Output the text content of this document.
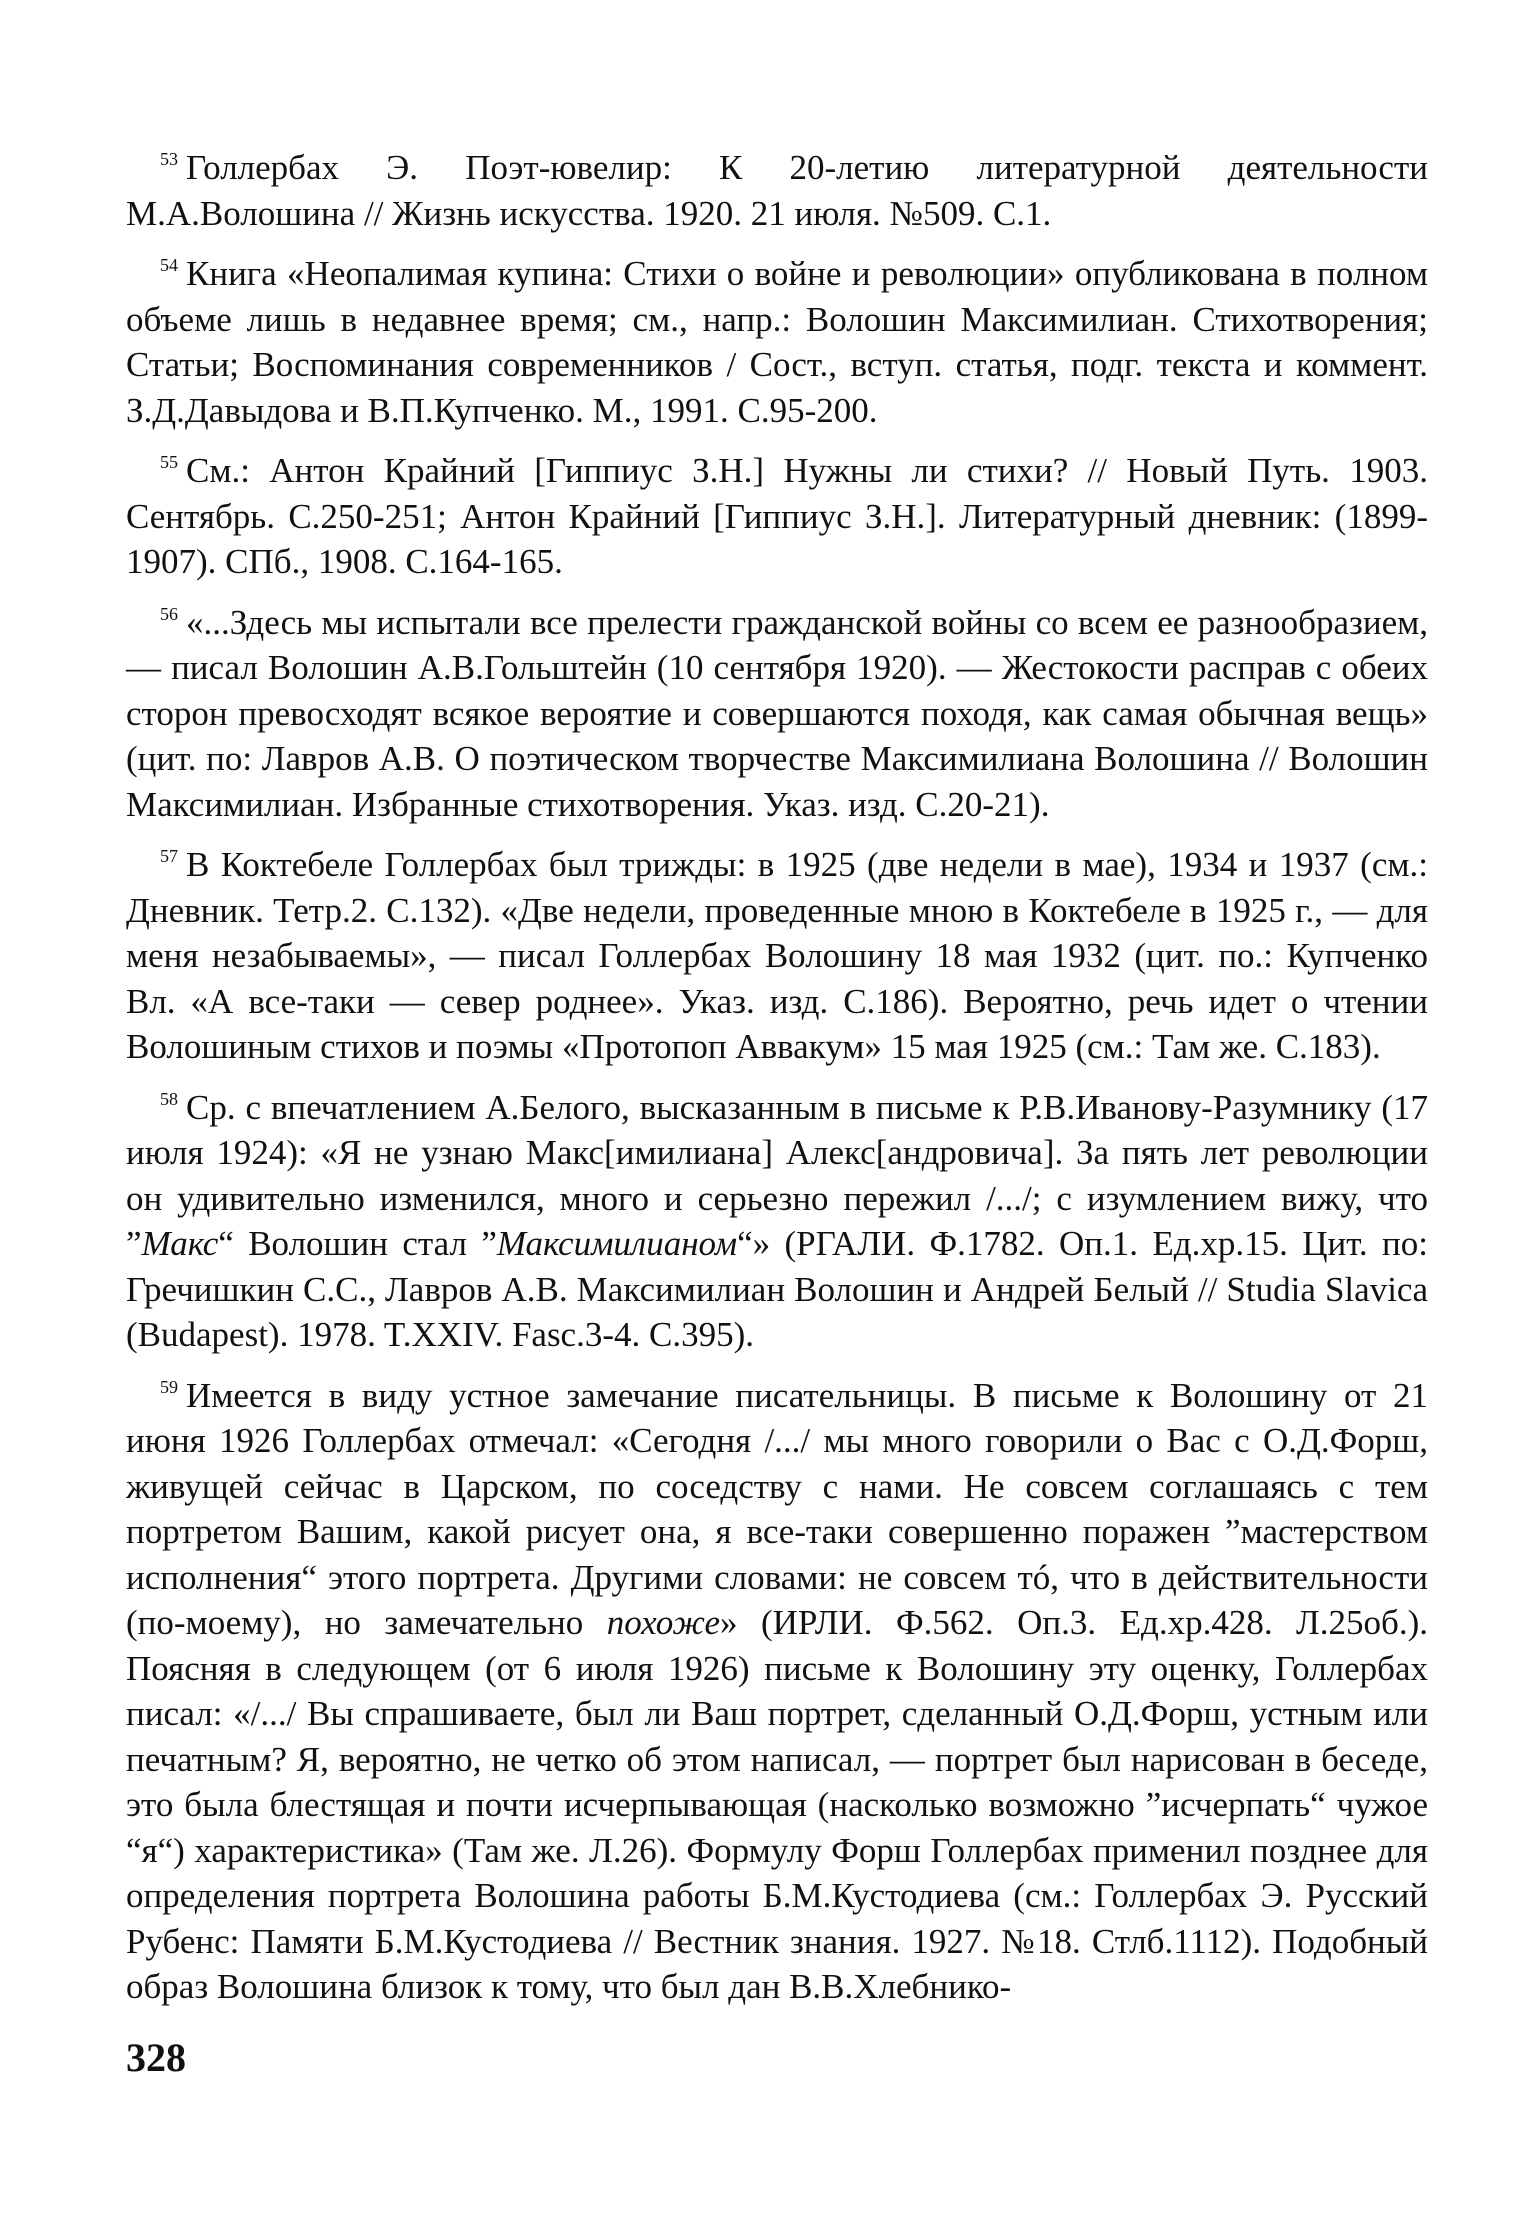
$^{53}$ Голлербах Э. Поэт-ювелир: К 20-летию литературной деятельности М.А.Волошина // Жизнь искусства. 1920. 21 июля. №509. С.1.

$^{54}$ Книга «Неопалимая купина: Стихи о войне и революции» опубликована в полном объеме лишь в недавнее время; см., напр.: Волошин Максимилиан. Стихотворения; Статьи; Воспоминания современников / Сост., вступ. статья, подг. текста и коммент. З.Д.Давыдова и В.П.Купченко. М., 1991. С.95-200.

$^{55}$ См.: Антон Крайний [Гиппиус З.Н.] Нужны ли стихи? // Новый Путь. 1903. Сентябрь. С.250-251; Антон Крайний [Гиппиус З.Н.]. Литературный дневник: (1899-1907). СПб., 1908. С.164-165.

$^{56}$ «...Здесь мы испытали все прелести гражданской войны со всем ее разнообразием, — писал Волошин А.В.Гольштейн (10 сентября 1920). — Жестокости расправ с обеих сторон превосходят всякое вероятие и совершаются походя, как самая обычная вещь» (цит. по: Лавров А.В. О поэтическом творчестве Максимилиана Волошина // Волошин Максимилиан. Избранные стихотворения. Указ. изд. С.20-21).

$^{57}$ В Коктебеле Голлербах был трижды: в 1925 (две недели в мае), 1934 и 1937 (см.: Дневник. Тетр.2. С.132). «Две недели, проведенные мною в Коктебеле в 1925 г., — для меня незабываемы», — писал Голлербах Волошину 18 мая 1932 (цит. по.: Купченко Вл. «А все-таки — север роднее». Указ. изд. С.186). Вероятно, речь идет о чтении Волошиным стихов и поэмы «Протопоп Аввакум» 15 мая 1925 (см.: Там же. С.183).

$^{58}$ Ср. с впечатлением А.Белого, высказанным в письме к Р.В.Иванову-Разумнику (17 июля 1924): «Я не узнаю Макс[имилиана] Алекс[андровича]. За пять лет революции он удивительно изменился, много и серьезно пережил /.../; с изумлением вижу, что ”Макс“ Волошин стал ”Максимилианом“» (РГАЛИ. Ф.1782. Оп.1. Ед.хр.15. Цит. по: Гречишкин С.С., Лавров А.В. Максимилиан Волошин и Андрей Белый // Studia Slavica (Budapest). 1978. T.XXIV. Fasc.3-4. C.395).

$^{59}$ Имеется в виду устное замечание писательницы. В письме к Волошину от 21 июня 1926 Голлербах отмечал: «Сегодня /.../ мы много говорили о Вас с О.Д.Форш, живущей сейчас в Царском, по соседству с нами. Не совсем соглашаясь с тем портретом Вашим, какой рисует она, я все-таки совершенно поражен ”мастерством исполнения“ этого портрета. Другими словами: не совсем тó, что в действительности (по-моему), но замечательно похоже» (ИРЛИ. Ф.562. Оп.3. Ед.хр.428. Л.25об.). Поясняя в следующем (от 6 июля 1926) письме к Волошину эту оценку, Голлербах писал: «/.../ Вы спрашиваете, был ли Ваш портрет, сделанный О.Д.Форш, устным или печатным? Я, вероятно, не четко об этом написал, — портрет был нарисован в беседе, это была блестящая и почти исчерпывающая (насколько возможно ”исчерпать“ чужое “я“) характеристика» (Там же. Л.26). Формулу Форш Голлербах применил позднее для определения портрета Волошина работы Б.М.Кустодиева (см.: Голлербах Э. Русский Рубенс: Памяти Б.М.Кустодиева // Вестник знания. 1927. №18. Стлб.1112). Подобный образ Волошина близок к тому, что был дан В.В.Хлебнико-

328
